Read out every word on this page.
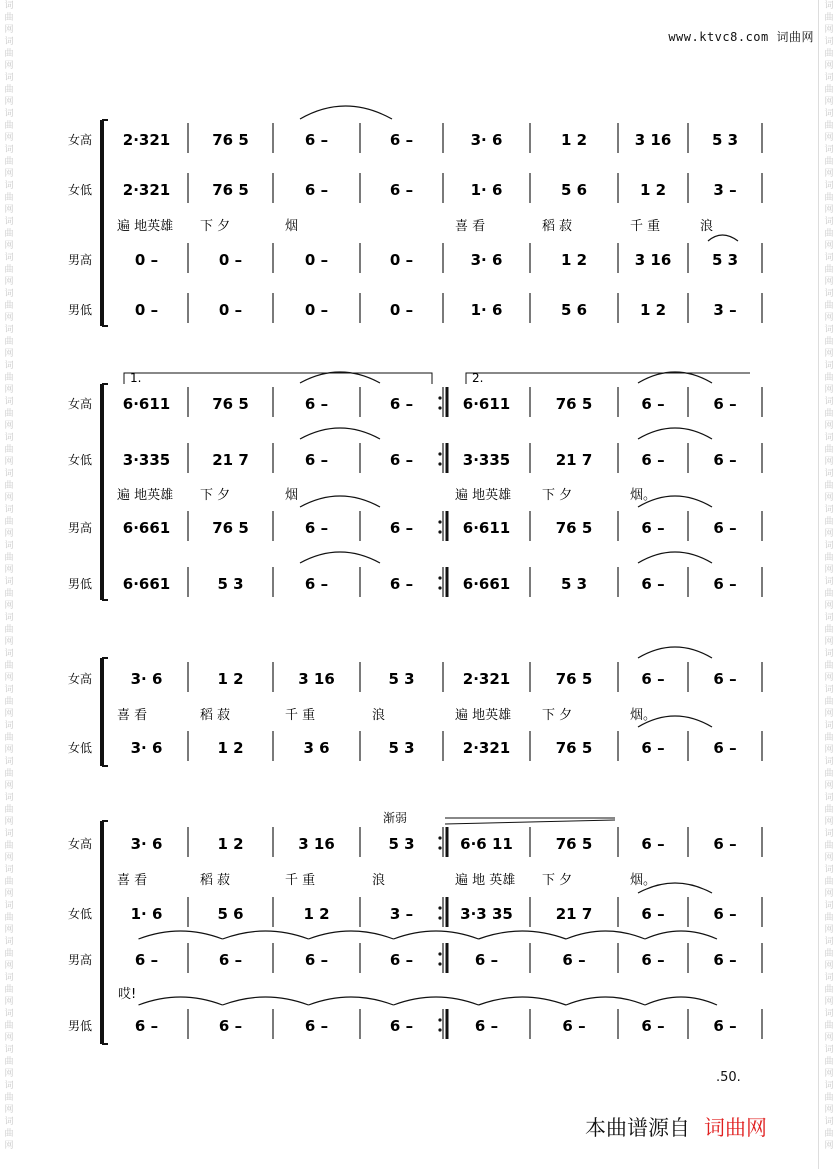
词
曲
网
词
曲
网
词
曲
网
词
曲
网
词
曲
网
词
曲
网
词
曲
网
词
曲
网
词
曲
网
词
曲
网
词
曲
网
词
曲
网
词
曲
网
词
曲
网
词
曲
网
词
曲
网
词
曲
网
词
曲
网
词
曲
网
词
曲
网
词
曲
网
词
曲
网
词
曲
网
词
曲
网
词
曲
网
词
曲
网
词
曲
网
词
曲
网
词
曲
网
词
曲
网
词
曲
网
词
曲
网
词
曲
网
词
曲
网
词
曲
网
词
曲
网
词
曲
网
词
曲
网
词
曲
网
词
曲
网
词
曲
网
词
曲
网
词
曲
网
词
曲
网
词
曲
网
词
曲
网
词
曲
网
词
曲
网
词
曲
网
词
曲
网
词
曲
网
词
曲
网
词
曲
网
词
曲
网
词
曲
网
词
曲
网
词
曲
网
词
曲
网
词
曲
网
词
曲
网
词
曲
网
词
曲
网
词
曲
网
词
曲
网
www.ktvc8.com 词曲网
女高 2·321	76 5	6 –	6 –	3· 6	1 2	3 16	5 3
女低 2·321	76 5	6 –	6 –	1· 6	5 6	1 2	3 –
遍 地英雄 下 夕	烟	喜 看	稻 菽	千 重	浪
男高	0 –	0 –	0 –	0 –	3· 6	1 2	3 16	5 3
男低	0 –	0 –	0 –	0 –	1· 6	5 6	1 2	3 –
女高 6·611	76 5	6 –	6 –	6·611	76 5	6 –	6 –
女低 3·335	21 7	6 –	6 –	3·335	21 7	6 –	6 –
遍 地英雄 下 夕	烟	遍 地英雄 下 夕	烟。
男高 6·661	76 5	6 –	6 –	6·611	76 5	6 –	6 –
男低 6·661	5 3	6 –	6 –	6·661	5 3	6 –	6 –
女高	3· 6	1 2	3 16	5 3	2·321	76 5	6 –	6 –
喜 看	稻 菽	千 重	浪	遍 地英雄 下 夕	烟。
女低	3· 6	1 2	3 6	5 3	2·321	76 5	6 –	6 –
女高	3· 6	1 2	3 16	5 3	6·6 11	76 5	6 –	6 –
喜 看	稻 菽	千 重	浪	遍 地 英雄 下 夕	烟。
女低	1· 6	5 6	1 2	3 –	3·3 35	21 7	6 –	6 –
男高	6 –	6 –	6 –	6 –	6 –	6 –	6 –	6 –
男低	6 –	6 –	6 –	6 –	6 –	6 –	6 –	6 –
1.	2.
渐弱
哎!
.50.
本曲谱源自 词曲网
